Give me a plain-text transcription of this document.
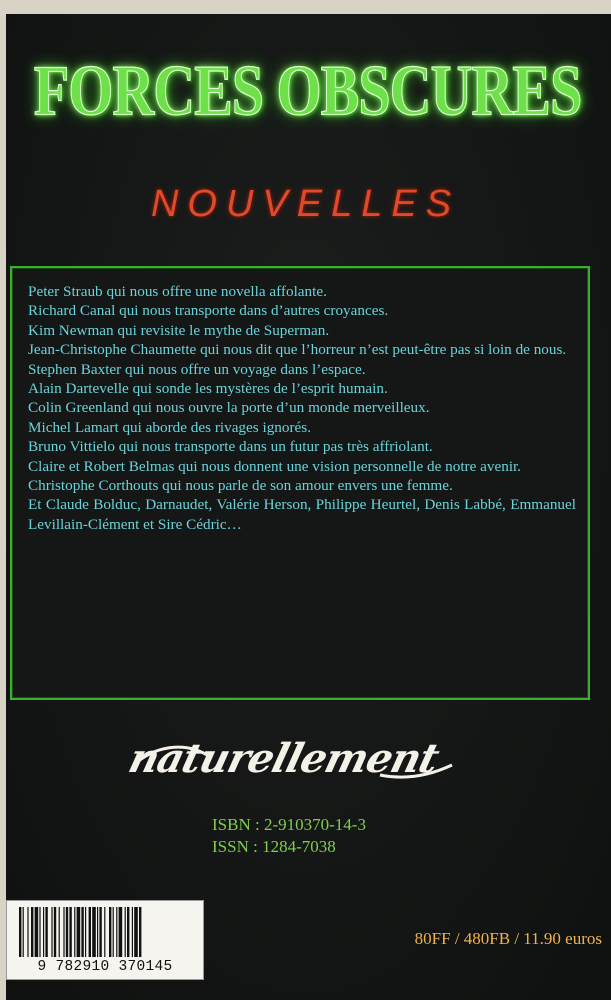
FORCES OBSCURES
NOUVELLES

Peter Straub qui nous offre une novella affolante.

Richard Canal qui nous transporte dans d’autres croyances.

Kim Newman qui revisite le mythe de Superman.

Jean-Christophe Chaumette qui nous dit que l’horreur n’est peut-être pas si loin de nous.

Stephen Baxter qui nous offre un voyage dans l’espace.

Alain Dartevelle qui sonde les mystères de l’esprit humain.

Colin Greenland qui nous ouvre la porte d’un monde merveilleux.

Michel Lamart qui aborde des rivages ignorés.

Bruno Vittielo qui nous transporte dans un futur pas très affriolant.

Claire et Robert Belmas qui nous donnent une vision personnelle de notre avenir.

Christophe Corthouts qui nous parle de son amour envers une femme.

Et Claude Bolduc, Darnaudet, Valérie Herson, Philippe Heurtel, Denis Labbé, Emmanuel Levillain-Clément et Sire Cédric…

naturellement
ISBN : 2-910370-14-3
ISSN : 1284-7038
9 782910 370145
80FF / 480FB / 11.90 euros
